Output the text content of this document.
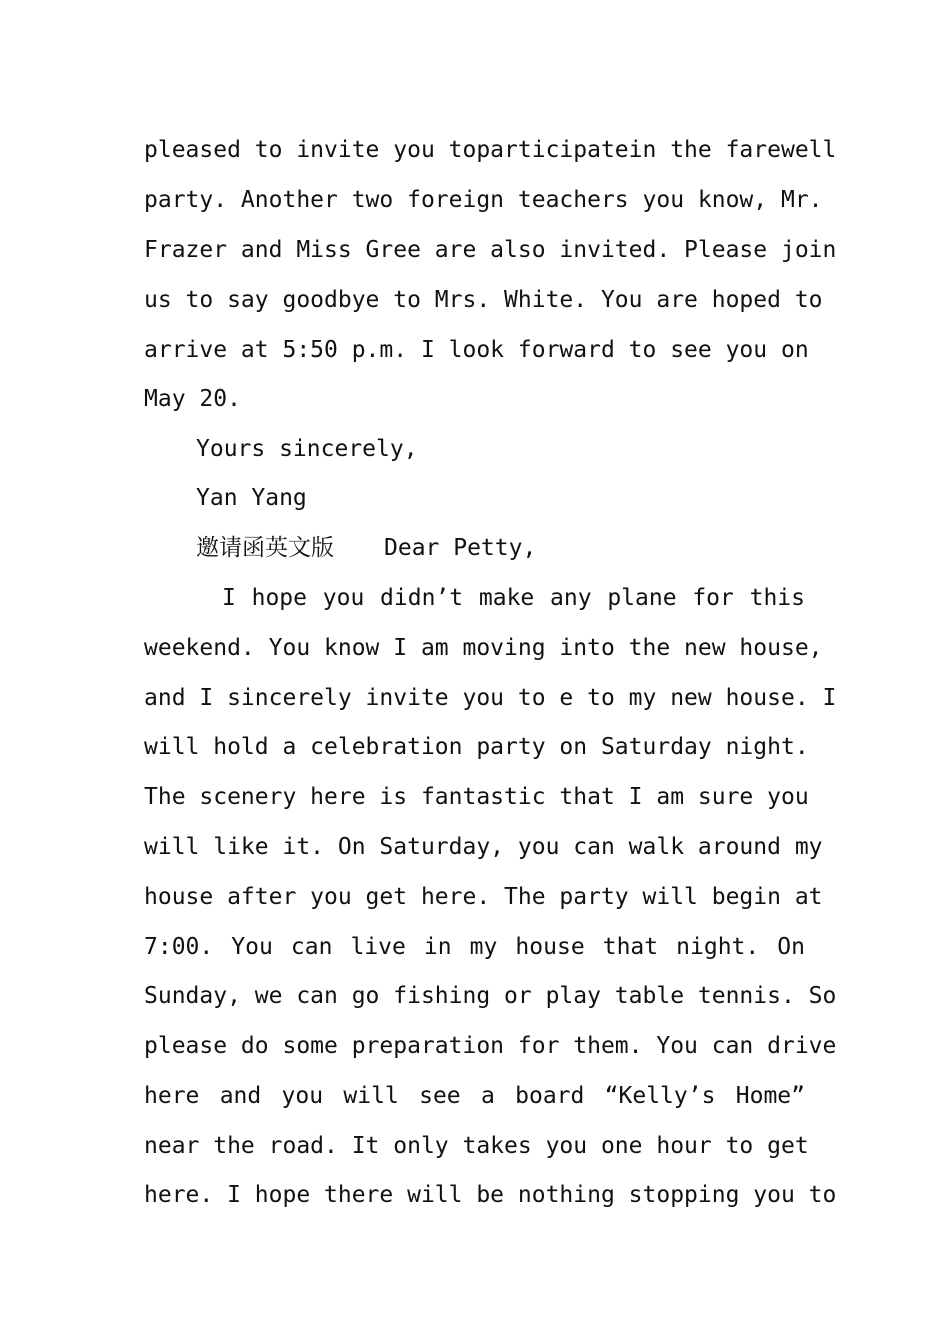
pleased to invite you toparticipatein the farewell
party. Another two foreign teachers you know, Mr.
Frazer and Miss Gree are also invited. Please join
us to say goodbye to Mrs. White. You are hoped to
arrive at 5:50 p.m. I look forward to see you on
May 20.
Yours sincerely,
Yan Yang
邀请函英文版 Dear Petty,
I hope you didn’t make any plane for this
weekend. You know I am moving into the new house,
and I sincerely invite you to e to my new house. I
will hold a celebration party on Saturday night.
The scenery here is fantastic that I am sure you
will like it. On Saturday, you can walk around my
house after you get here. The party will begin at
7:00. You can live in my house that night. On
Sunday, we can go fishing or play table tennis. So
please do some preparation for them. You can drive
here and you will see a board “Kelly’s Home”
near the road. It only takes you one hour to get
here. I hope there will be nothing stopping you to
